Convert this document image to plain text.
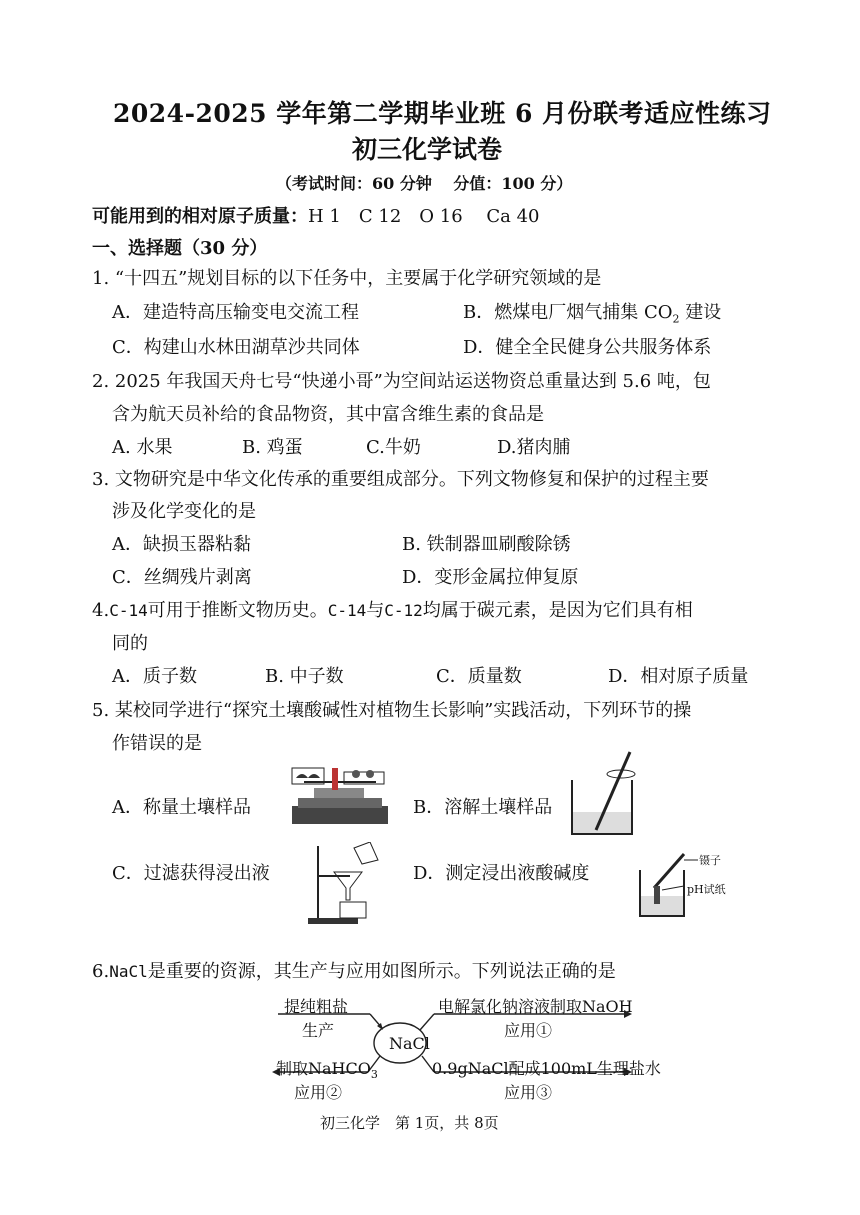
2024-2025 学年第二学期毕业班 6 月份联考适应性练习
初三化学试卷
（考试时间：60 分钟　 分值：100 分）
可能用到的相对原子质量：H 1　C 12　O 16　 Ca 40
一、选择题（30 分）
1. “十四五”规划目标的以下任务中，主要属于化学研究领域的是
A．建造特高压输变电交流工程	B．燃煤电厂烟气捕集 $CO_2$ 建设
C．构建山水林田湖草沙共同体	D．健全全民健身公共服务体系
2. 2025 年我国天舟七号“快递小哥”为空间站运送物资总重量达到 5.6 吨，包
含为航天员补给的食品物资，其中富含维生素的食品是
A. 水果	B. 鸡蛋	C.牛奶	D.猪肉脯
3. 文物研究是中华文化传承的重要组成部分。下列文物修复和保护的过程主要
涉及化学变化的是
A．缺损玉器粘黏	B. 铁制器皿刷酸除锈
C．丝绸残片剥离	D．变形金属拉伸复原
4.C-14可用于推断文物历史。C-14与C-12均属于碳元素，是因为它们具有相
同的
A．质子数	B. 中子数	C．质量数	D．相对原子质量
5. 某校同学进行“探究土壤酸碱性对植物生长影响”实践活动，下列环节的操
作错误的是
A．称量土壤样品	B．溶解土壤样品
C．过滤获得浸出液	D．测定浸出液酸碱度
镊子
pH试纸
6.NaCl是重要的资源，其生产与应用如图所示。下列说法正确的是
NaCl
提纯粗盐
生产
制取NaHCO$_3$
应用②
电解氯化钠溶液制取NaOH
应用①
0.9gNaCl配成100mL生理盐水
应用③
初三化学　第 1页，共 8页
